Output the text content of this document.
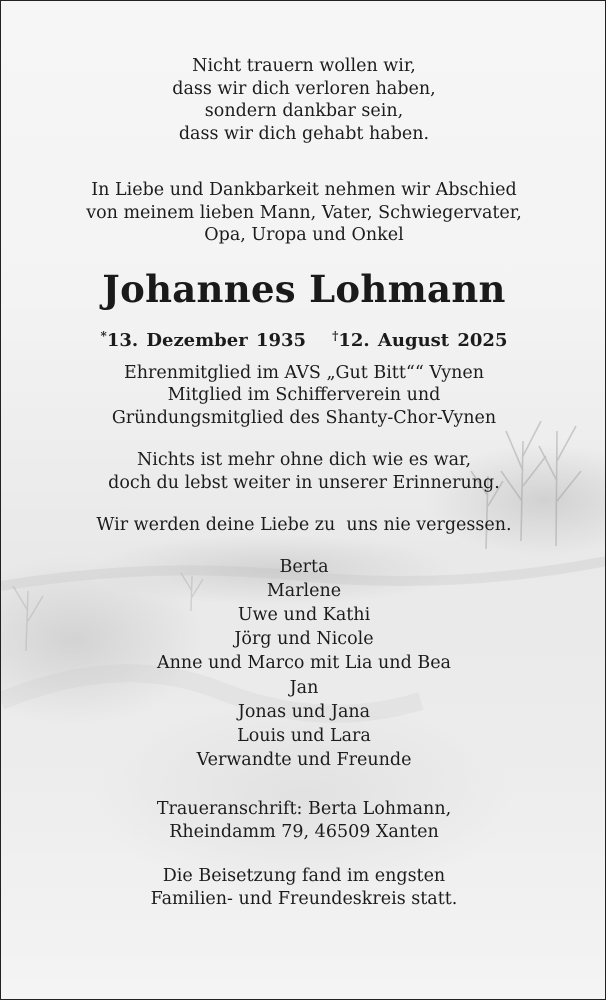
Nicht trauern wollen wir,

dass wir dich verloren haben,

sondern dankbar sein,

dass wir dich gehabt haben.

In Liebe und Dankbarkeit nehmen wir Abschied

von meinem lieben Mann, Vater, Schwiegervater,

Opa, Uropa und Onkel

Johannes Lohmann

*13. Dezember 1935 †12. August 2025

Ehrenmitglied im AVS „Gut Bitt““ Vynen

Mitglied im Schifferverein und

Gründungsmitglied des Shanty-Chor-Vynen

Nichts ist mehr ohne dich wie es war,

doch du lebst weiter in unserer Erinnerung.

Wir werden deine Liebe zu  uns nie vergessen.

Berta

Marlene

Uwe und Kathi

Jörg und Nicole

Anne und Marco mit Lia und Bea

Jan

Jonas und Jana

Louis und Lara

Verwandte und Freunde

Traueranschrift: Berta Lohmann,

Rheindamm 79, 46509 Xanten

Die Beisetzung fand im engsten

Familien- und Freundeskreis statt.
